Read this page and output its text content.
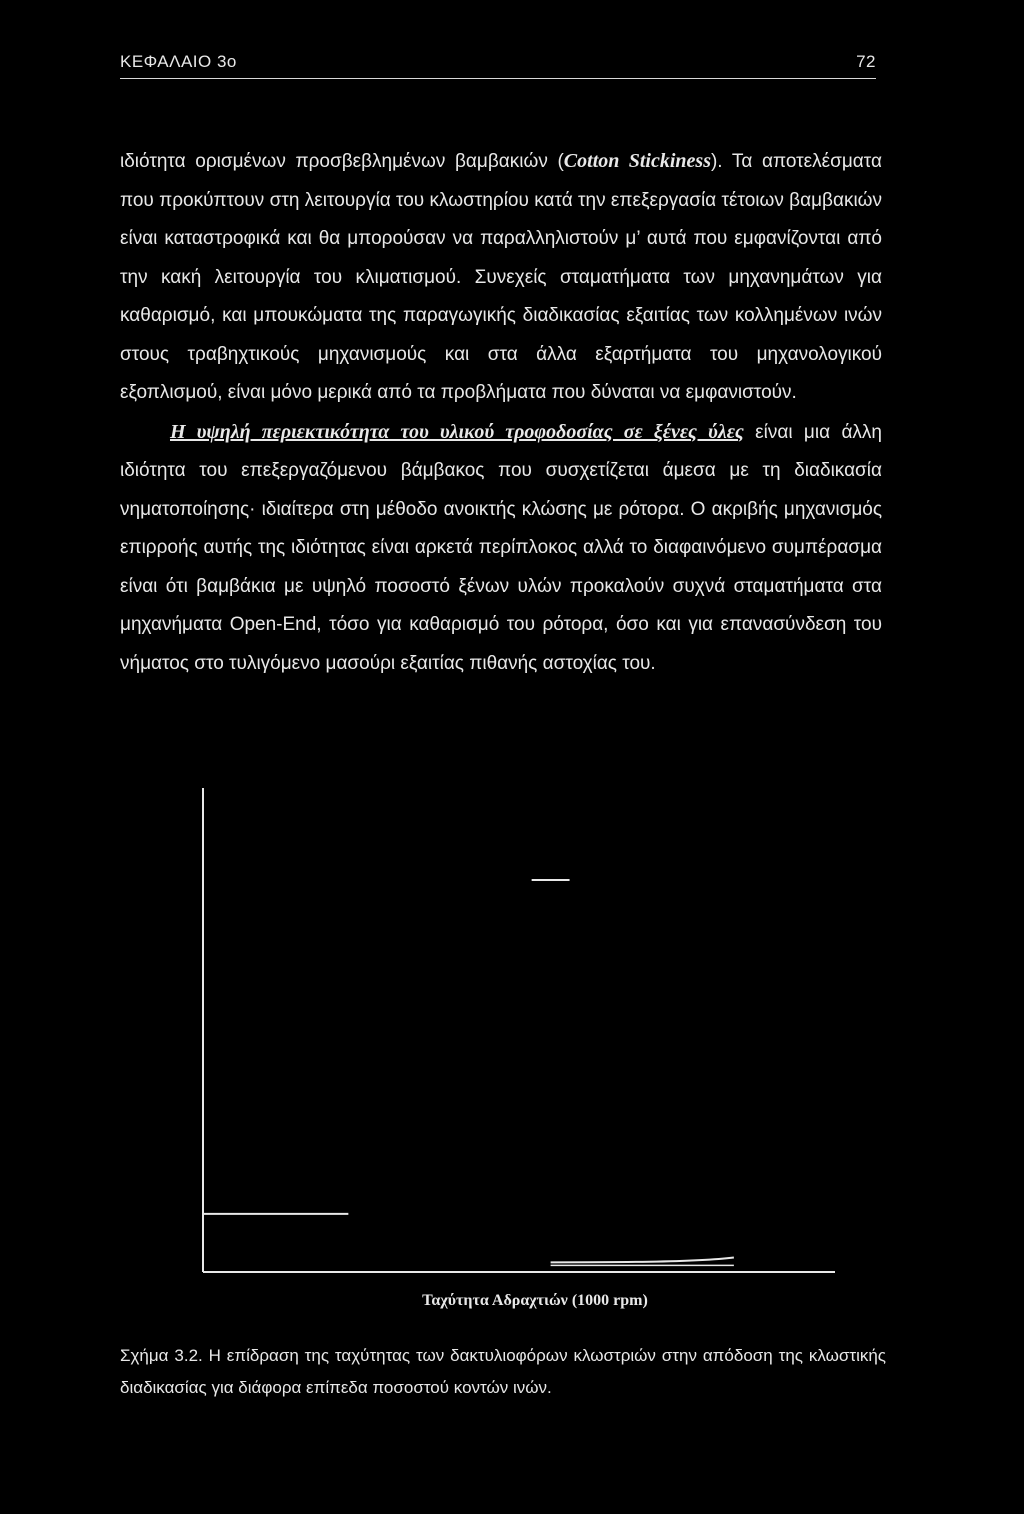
ΚΕΦΑΛΑΙΟ 3ο	72

ιδιότητα ορισμένων προσβεβλημένων βαμβακιών (Cotton Stickiness). Τα αποτελέσματα που προκύπτουν στη λειτουργία του κλωστηρίου κατά την επεξεργασία τέτοιων βαμβακιών είναι καταστροφικά και θα μπορούσαν να παραλληλιστούν μ’ αυτά που εμφανίζονται από την κακή λειτουργία του κλιματισμού. Συνεχείς σταματήματα των μηχανημάτων για καθαρισμό, και μπουκώματα της παραγωγικής διαδικασίας εξαιτίας των κολλημένων ινών στους τραβηχτικούς μηχανισμούς και στα άλλα εξαρτήματα του μηχανολογικού εξοπλισμού, είναι μόνο μερικά από τα προβλήματα που δύναται να εμφανιστούν.

Η υψηλή περιεκτικότητα του υλικού τροφοδοσίας σε ξένες ύλες είναι μια άλλη ιδιότητα του επεξεργαζόμενου βάμβακος που συσχετίζεται άμεσα με τη διαδικασία νηματοποίησης· ιδιαίτερα στη μέθοδο ανοικτής κλώσης με ρότορα. Ο ακριβής μηχανισμός επιρροής αυτής της ιδιότητας είναι αρκετά περίπλοκος αλλά το διαφαινόμενο συμπέρασμα είναι ότι βαμβάκια με υψηλό ποσοστό ξένων υλών προκαλούν συχνά σταματήματα στα μηχανήματα Open-End, τόσο για καθαρισμό του ρότορα, όσο και για επανασύνδεση του νήματος στο τυλιγόμενο μασούρι εξαιτίας πιθανής αστοχίας του.

Ταχύτητα Αδραχτιών (1000 rpm)
Σχήμα 3.2. Η επίδραση της ταχύτητας των δακτυλιοφόρων κλωστριών στην απόδοση της κλωστικής διαδικασίας για διάφορα επίπεδα ποσοστού κοντών ινών.
